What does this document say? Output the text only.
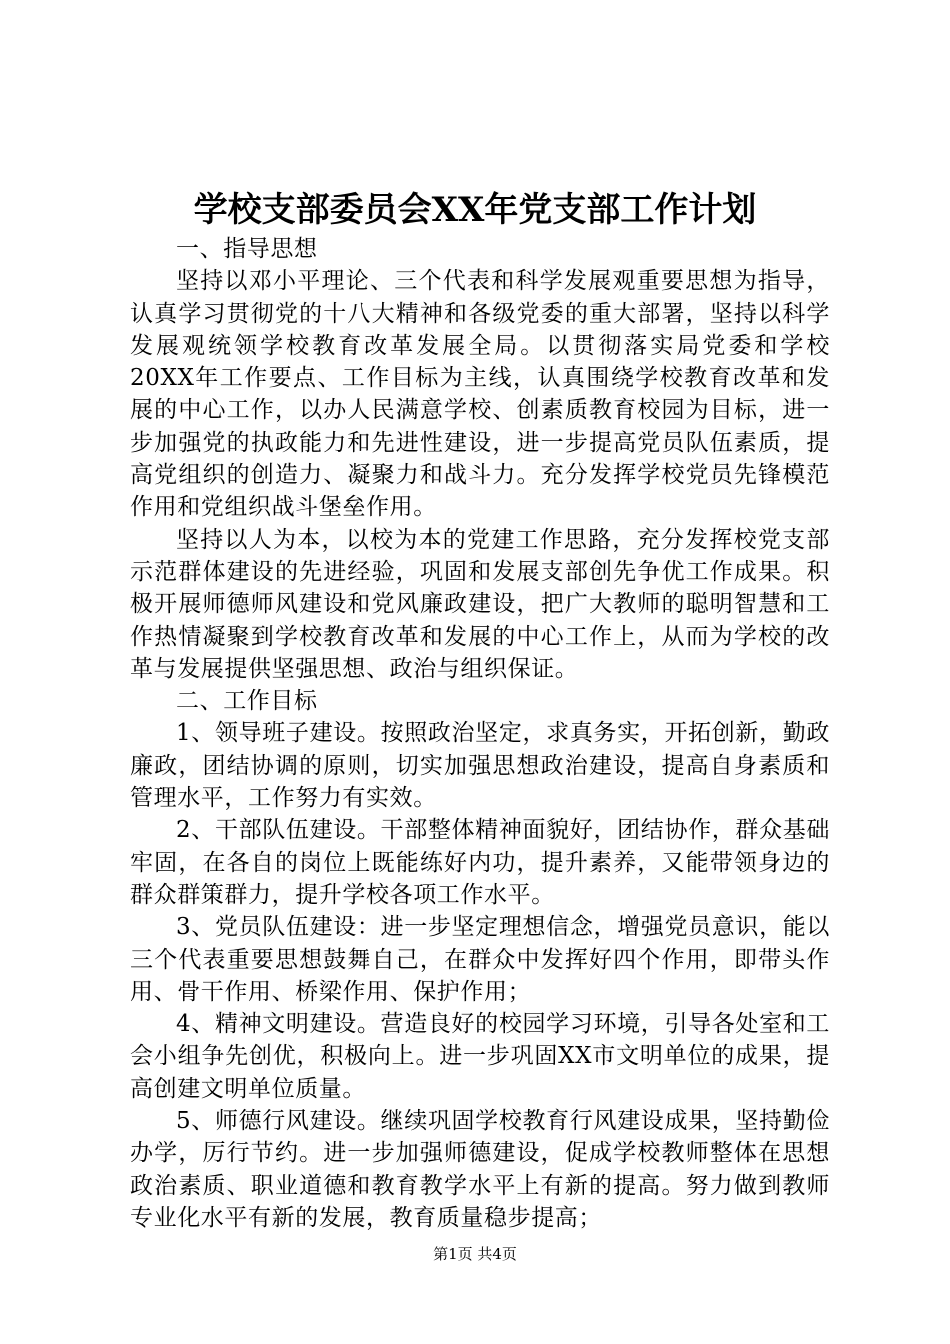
学校支部委员会XX年党支部工作计划

一、指导思想

坚持以邓小平理论、三个代表和科学发展观重要思想为指导，认真学习贯彻党的十八大精神和各级党委的重大部署，坚持以科学发展观统领学校教育改革发展全局。以贯彻落实局党委和学校20XX年工作要点、工作目标为主线，认真围绕学校教育改革和发展的中心工作，以办人民满意学校、创素质教育校园为目标，进一步加强党的执政能力和先进性建设，进一步提高党员队伍素质，提高党组织的创造力、凝聚力和战斗力。充分发挥学校党员先锋模范作用和党组织战斗堡垒作用。

坚持以人为本，以校为本的党建工作思路，充分发挥校党支部示范群体建设的先进经验，巩固和发展支部创先争优工作成果。积极开展师德师风建设和党风廉政建设，把广大教师的聪明智慧和工作热情凝聚到学校教育改革和发展的中心工作上，从而为学校的改革与发展提供坚强思想、政治与组织保证。

二、工作目标

1、领导班子建设。按照政治坚定，求真务实，开拓创新，勤政廉政，团结协调的原则，切实加强思想政治建设，提高自身素质和管理水平，工作努力有实效。

2、干部队伍建设。干部整体精神面貌好，团结协作，群众基础牢固，在各自的岗位上既能练好内功，提升素养，又能带领身边的群众群策群力，提升学校各项工作水平。

3、党员队伍建设：进一步坚定理想信念，增强党员意识，能以三个代表重要思想鼓舞自己，在群众中发挥好四个作用，即带头作用、骨干作用、桥梁作用、保护作用；

4、精神文明建设。营造良好的校园学习环境，引导各处室和工会小组争先创优，积极向上。进一步巩固XX市文明单位的成果，提高创建文明单位质量。

5、师德行风建设。继续巩固学校教育行风建设成果，坚持勤俭办学，厉行节约。进一步加强师德建设，促成学校教师整体在思想政治素质、职业道德和教育教学水平上有新的提高。努力做到教师专业化水平有新的发展，教育质量稳步提高；

第1页 共4页
